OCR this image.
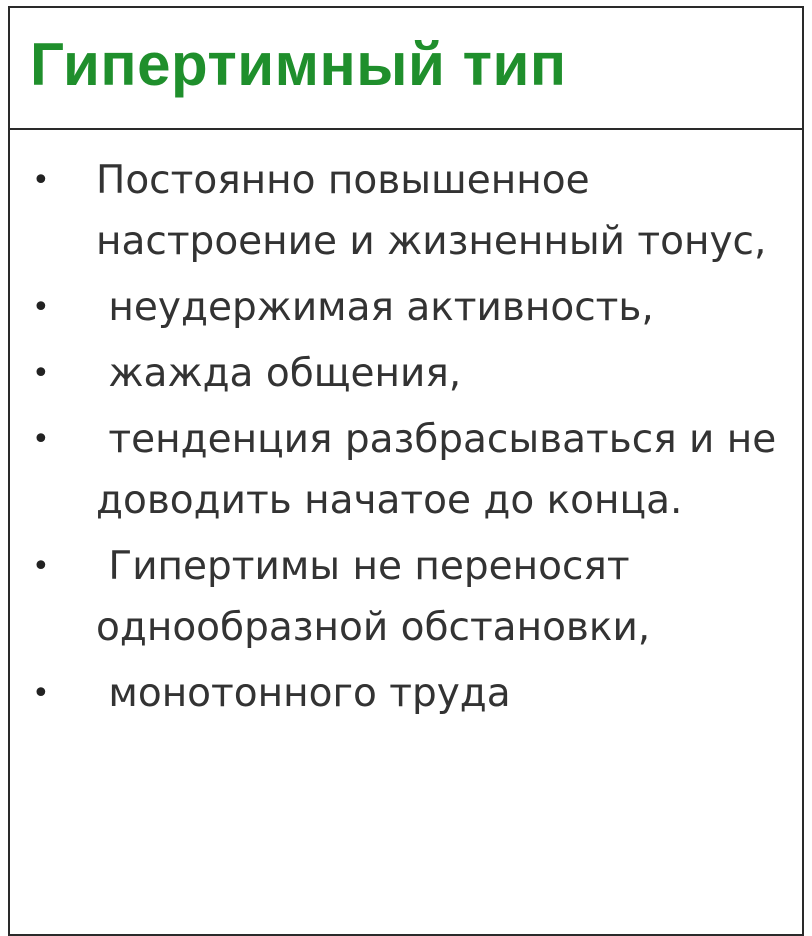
Гипертимный тип
• Постоянно повышенное настроение и жизненный тонус,
• неудержимая активность,
• жажда общения,
• тенденция разбрасываться и не доводить начатое до конца.
• Гипертимы не переносят однообразной обстановки,
• монотонного труда
